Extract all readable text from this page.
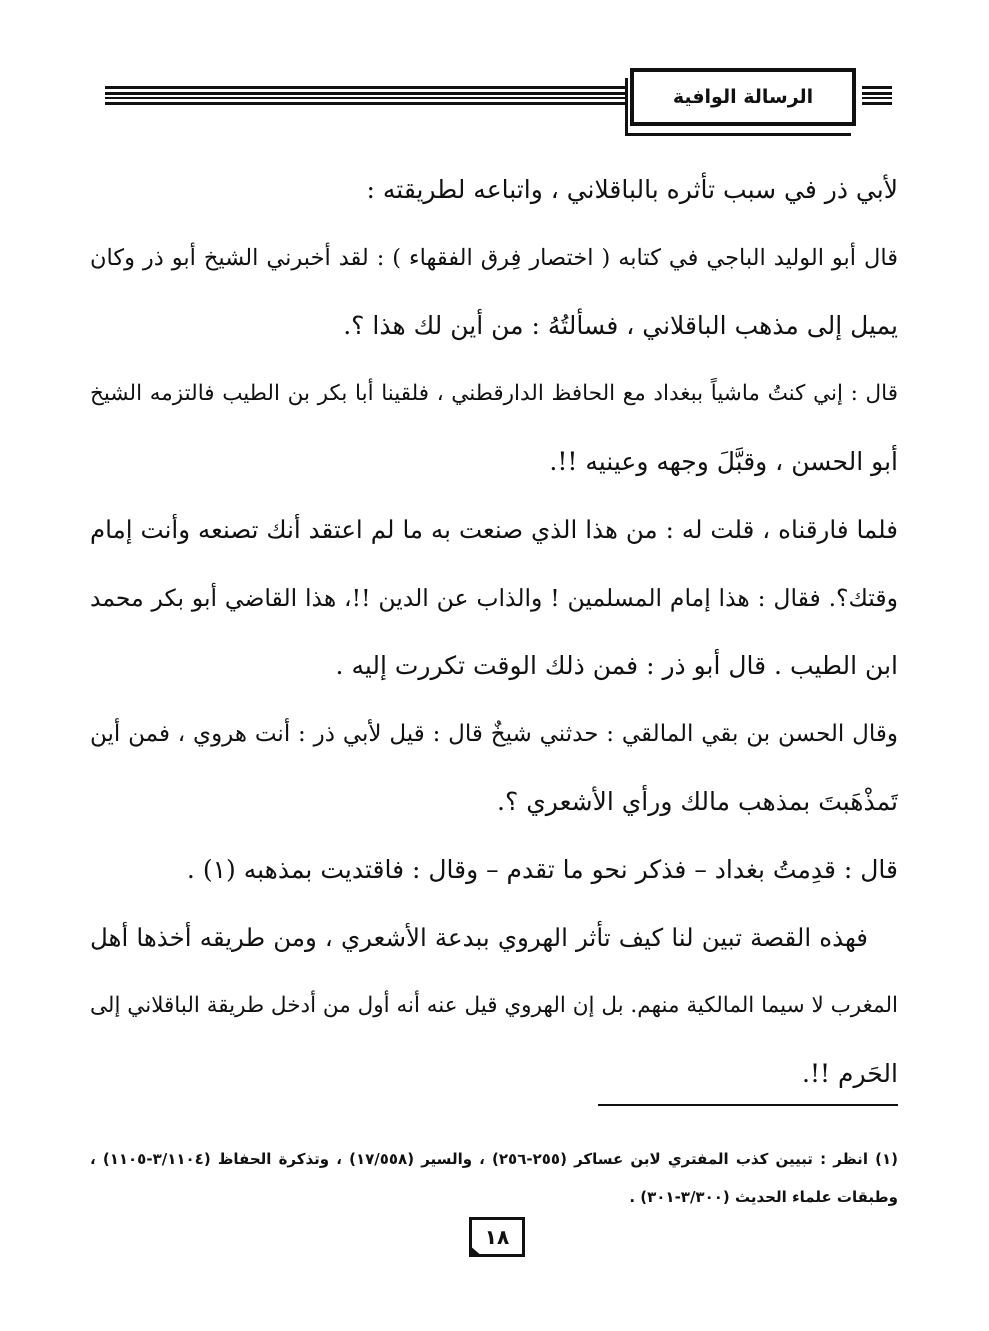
الرسالة الوافية
لأبي ذر في سبب تأثره بالباقلاني ، واتباعه لطريقته :
قال أبو الوليد الباجي في كتابه ( اختصار فِرق الفقهاء ) : لقد أخبرني الشيخ أبو ذر وكان
يميل إلى مذهب الباقلاني ، فسألتُهُ : من أين لك هذا ؟.
قال : إني كنتُ ماشياً ببغداد مع الحافظ الدارقطني ، فلقينا أبا بكر بن الطيب فالتزمه الشيخ
أبو الحسن ، وقبَّلَ وجهه وعينيه !!.
فلما فارقناه ، قلت له : من هذا الذي صنعت به ما لم اعتقد أنك تصنعه وأنت إمام
وقتك؟. فقال : هذا إمام المسلمين ! والذاب عن الدين !!، هذا القاضي أبو بكر محمد
ابن الطيب . قال أبو ذر : فمن ذلك الوقت تكررت إليه .
وقال الحسن بن بقي المالقي : حدثني شيخٌ قال : قيل لأبي ذر : أنت هروي ، فمن أين
تَمذْهَبتَ بمذهب مالك ورأي الأشعري ؟.
قال : قدِمتُ بغداد – فذكر نحو ما تقدم – وقال : فاقتديت بمذهبه (١) .
فهذه القصة تبين لنا كيف تأثر الهروي ببدعة الأشعري ، ومن طريقه أخذها أهل
المغرب لا سيما المالكية منهم. بل إن الهروي قيل عنه أنه أول من أدخل طريقة الباقلاني إلى
الحَرم !!.
(١) انظر : تبيين كذب المفتري لابن عساكر (٢٥٥-٢٥٦) ، والسير (١٧/٥٥٨) ، وتذكرة الحفاظ (٣/١١٠٤-١١٠٥) ،
وطبقات علماء الحديث (٣/٣٠٠-٣٠١) .
١٨
